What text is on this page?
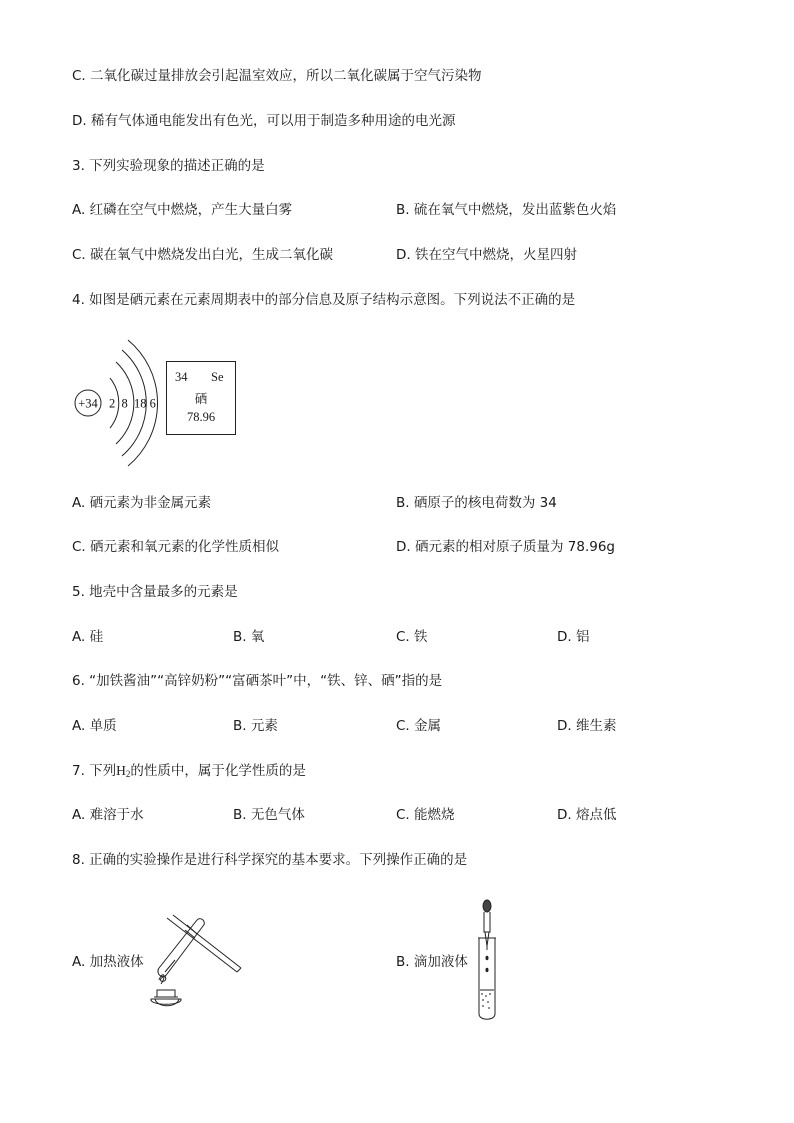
C. 二氧化碳过量排放会引起温室效应，所以二氧化碳属于空气污染物
D. 稀有气体通电能发出有色光，可以用于制造多种用途的电光源
3. 下列实验现象的描述正确的是
A. 红磷在空气中燃烧，产生大量白雾	B. 硫在氧气中燃烧，发出蓝紫色火焰
C. 碳在氧气中燃烧发出白光，生成二氧化碳	D. 铁在空气中燃烧，火星四射
4. 如图是硒元素在元素周期表中的部分信息及原子结构示意图。下列说法不正确的是
+34 2  8  18 6
34 Se
硒
78.96
A. 硒元素为非金属元素	B. 硒原子的核电荷数为 34
C. 硒元素和氧元素的化学性质相似	D. 硒元素的相对原子质量为 78.96g
5. 地壳中含量最多的元素是
A. 硅	B. 氧	C. 铁	D. 铝
6. “加铁酱油”“高锌奶粉”“富硒茶叶”中，“铁、锌、硒”指的是
A. 单质	B. 元素	C. 金属	D. 维生素
7. 下列$H_2$的性质中，属于化学性质的是
A. 难溶于水	B. 无色气体	C. 能燃烧	D. 熔点低
8. 正确的实验操作是进行科学探究的基本要求。下列操作正确的是
A. 加热液体	B. 滴加液体
